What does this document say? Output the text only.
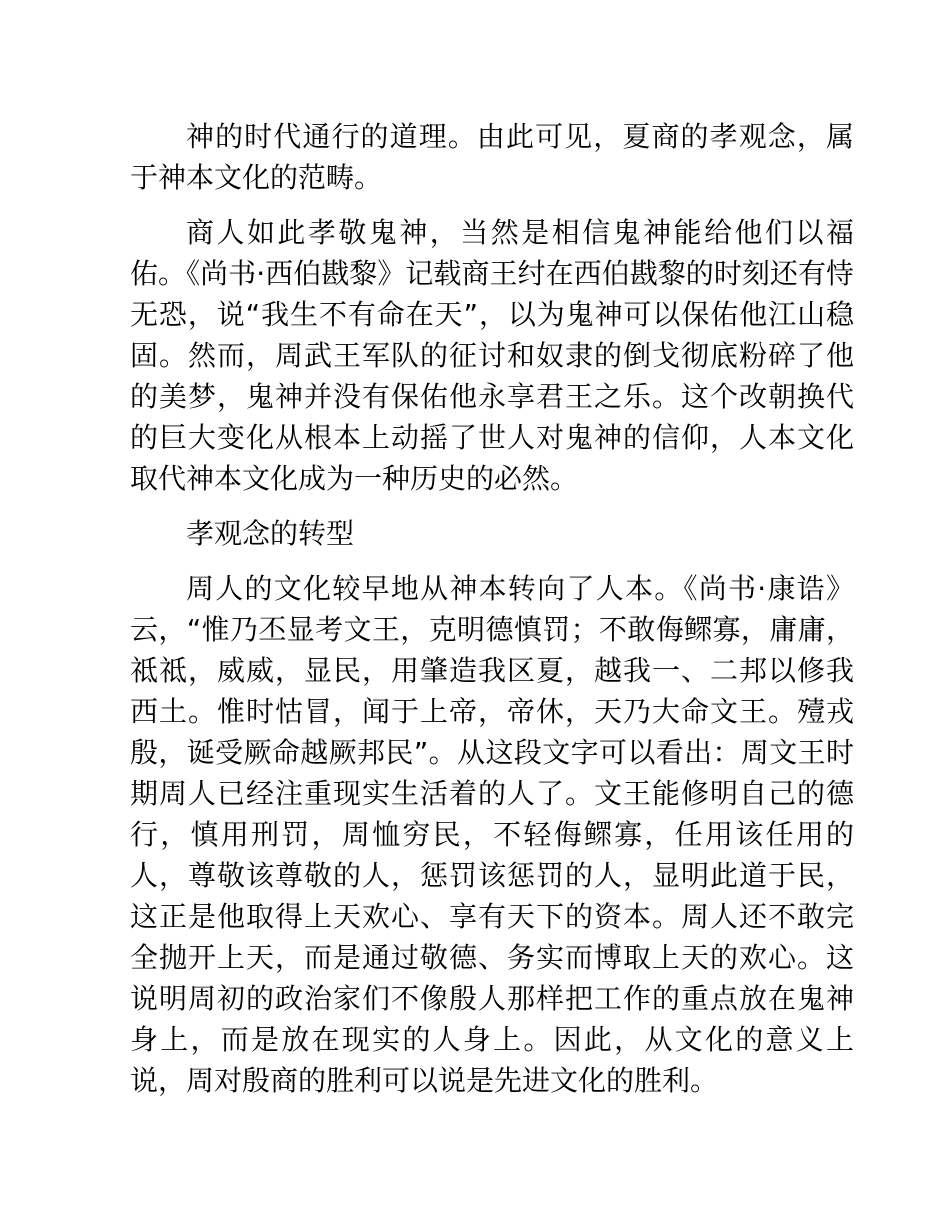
神的时代通行的道理。由此可见，夏商的孝观念，属于神本文化的范畴。

商人如此孝敬鬼神，当然是相信鬼神能给他们以福佑。《尚书·西伯戡黎》记载商王纣在西伯戡黎的时刻还有恃无恐，说“我生不有命在天”，以为鬼神可以保佑他江山稳固。然而，周武王军队的征讨和奴隶的倒戈彻底粉碎了他的美梦，鬼神并没有保佑他永享君王之乐。这个改朝换代的巨大变化从根本上动摇了世人对鬼神的信仰，人本文化取代神本文化成为一种历史的必然。

孝观念的转型

周人的文化较早地从神本转向了人本。《尚书·康诰》云，“惟乃丕显考文王，克明德慎罚；不敢侮鳏寡，庸庸，祗祗，威威，显民，用肇造我区夏，越我一、二邦以修我西土。惟时怙冒，闻于上帝，帝休，天乃大命文王。殪戎殷，诞受厥命越厥邦民”。从这段文字可以看出：周文王时期周人已经注重现实生活着的人了。文王能修明自己的德行，慎用刑罚，周恤穷民，不轻侮鳏寡，任用该任用的人，尊敬该尊敬的人，惩罚该惩罚的人，显明此道于民，这正是他取得上天欢心、享有天下的资本。周人还不敢完全抛开上天，而是通过敬德、务实而博取上天的欢心。这说明周初的政治家们不像殷人那样把工作的重点放在鬼神身上，而是放在现实的人身上。因此，从文化的意义上说，周对殷商的胜利可以说是先进文化的胜利。
